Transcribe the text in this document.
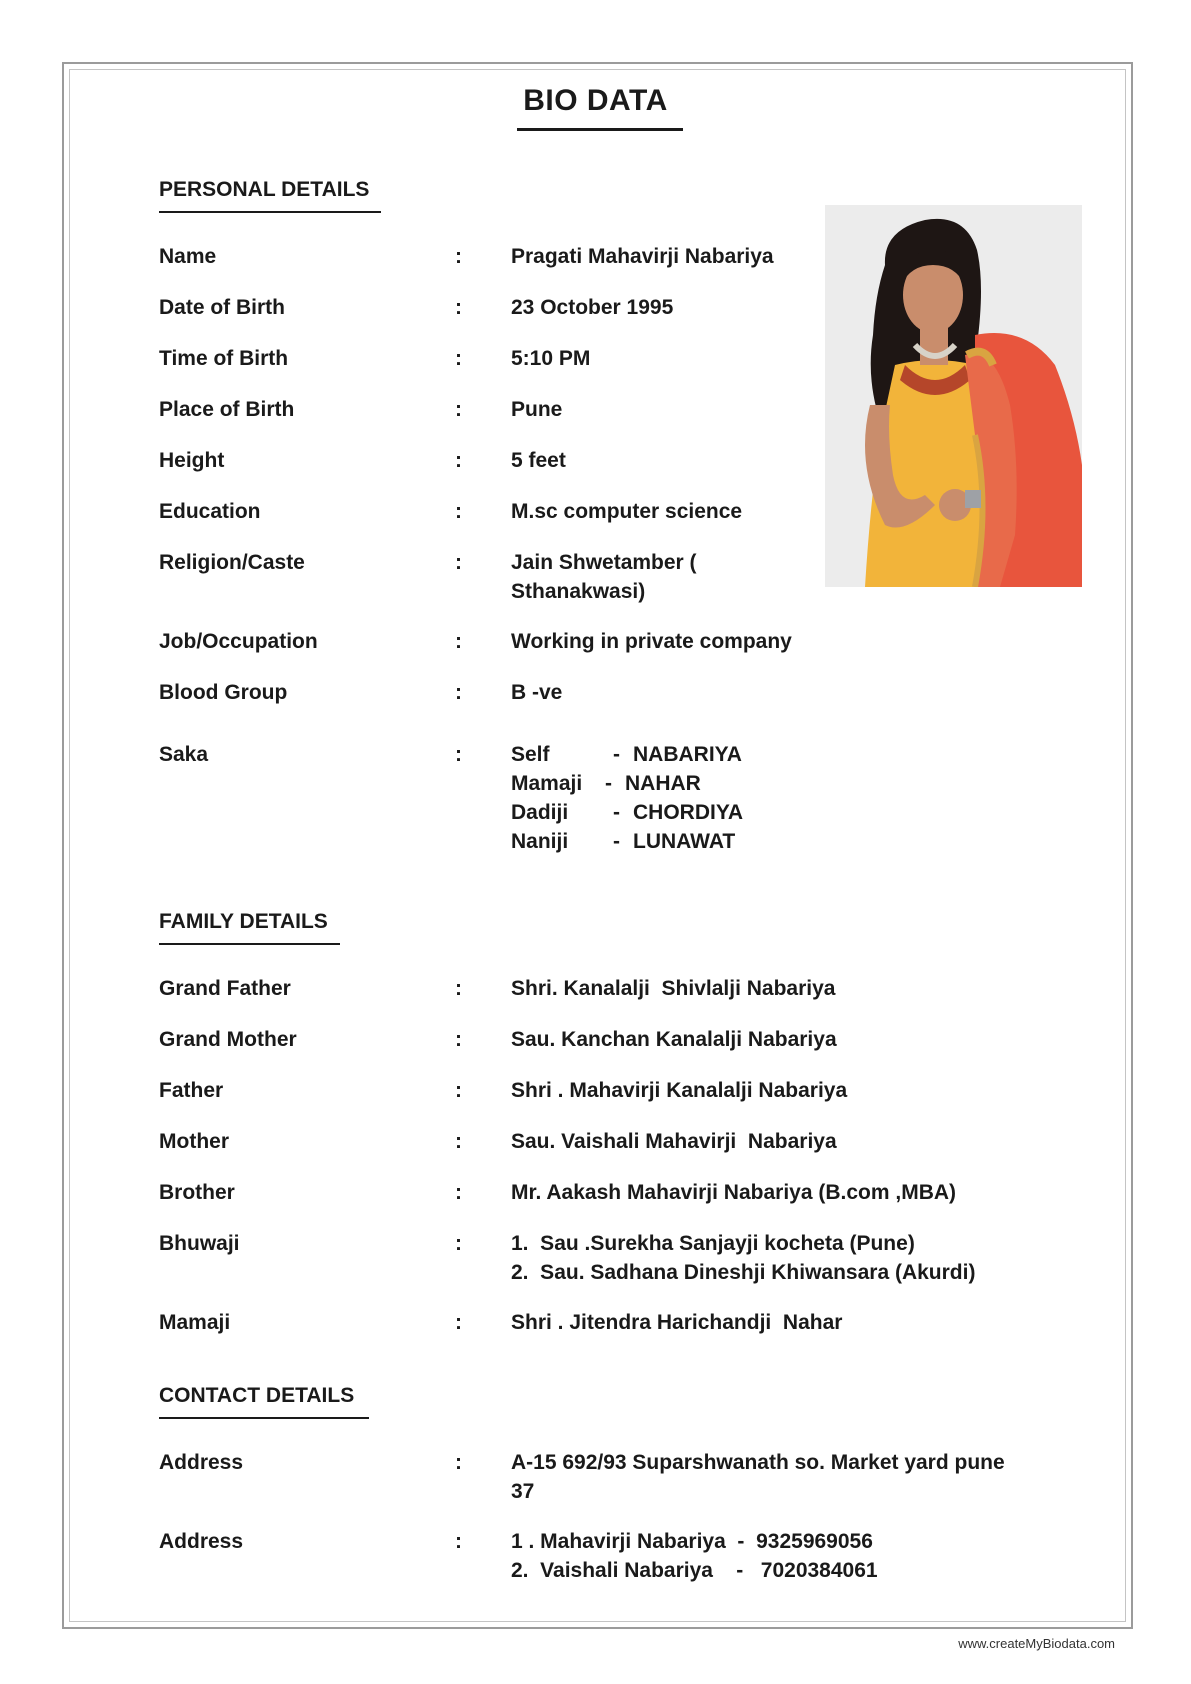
BIO DATA
PERSONAL DETAILS
Name	: Pragati Mahavirji Nabariya
Date of Birth	: 23 October 1995
Time of Birth	: 5:10 PM
Place of Birth	: Pune
Height	: 5 feet
Education	: M.sc computer science
Religion/Caste	: Jain Shwetamber (
Sthanakwasi)
Job/Occupation	: Working in private company
Blood Group	: B -ve
Saka	: Self	- NABARIYA
Mamaji - NAHAR
Dadiji - CHORDIYA
Naniji - LUNAWAT
FAMILY DETAILS
Grand Father	: Shri. Kanalalji  Shivlalji Nabariya
Grand Mother	: Sau. Kanchan Kanalalji Nabariya
Father	: Shri . Mahavirji Kanalalji Nabariya
Mother	: Sau. Vaishali Mahavirji  Nabariya
Brother	: Mr. Aakash Mahavirji Nabariya (B.com ,MBA)
Bhuwaji	: 1.  Sau .Surekha Sanjayji kocheta (Pune)
2.  Sau. Sadhana Dineshji Khiwansara (Akurdi)
Mamaji	: Shri . Jitendra Harichandji  Nahar
CONTACT DETAILS
Address	: A-15 692/93 Suparshwanath so. Market yard pune
37
Address	: 1 . Mahavirji Nabariya  -  9325969056
2.  Vaishali Nabariya    -   7020384061
www.createMyBiodata.com
